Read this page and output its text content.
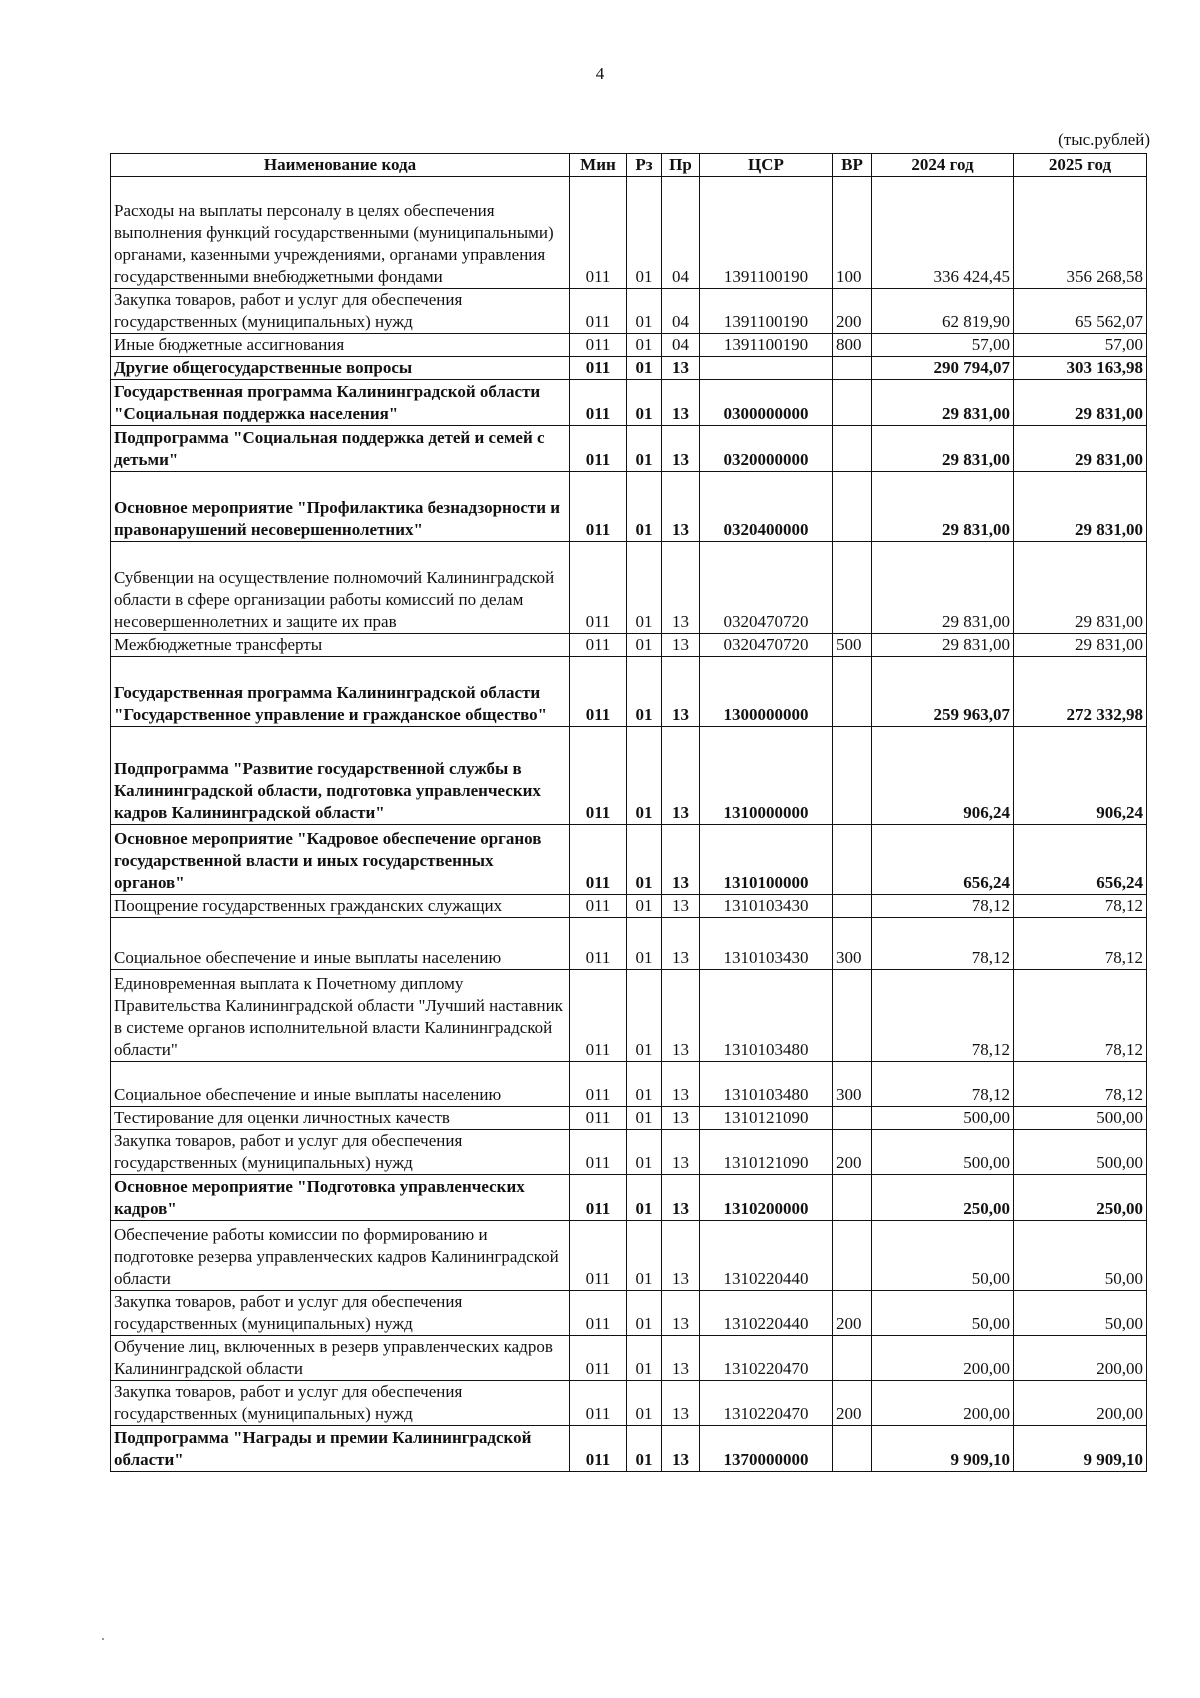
4
(тыс.рублей)
Наименование кода	Мин	Рз	Пр	ЦСР	ВР	2024 год	2025 год
Расходы на выплаты персоналу в целях обеспечения выполнения функций государственными (муниципальными) органами, казенными учреждениями, органами управления государственными внебюджетными фондами	011	01	04	1391100190	100	336 424,45	356 268,58
Закупка товаров, работ и услуг для обеспечения государственных (муниципальных) нужд	011	01	04	1391100190	200	62 819,90	65 562,07
Иные бюджетные ассигнования	011	01	04	1391100190	800	57,00	57,00
Другие общегосударственные вопросы	011	01	13			290 794,07	303 163,98
Государственная программа Калининградской области "Социальная поддержка населения"	011	01	13	0300000000		29 831,00	29 831,00
Подпрограмма "Социальная поддержка детей и семей с детьми"	011	01	13	0320000000		29 831,00	29 831,00
Основное мероприятие "Профилактика безнадзорности и правонарушений несовершеннолетних"	011	01	13	0320400000		29 831,00	29 831,00
Субвенции на осуществление полномочий Калининградской области в сфере организации работы комиссий по делам несовершеннолетних и защите их прав	011	01	13	0320470720		29 831,00	29 831,00
Межбюджетные трансферты	011	01	13	0320470720	500	29 831,00	29 831,00
Государственная программа Калининградской области "Государственное управление и гражданское общество"	011	01	13	1300000000		259 963,07	272 332,98
Подпрограмма "Развитие государственной службы в Калининградской области, подготовка управленческих кадров Калининградской области"	011	01	13	1310000000		906,24	906,24
Основное мероприятие "Кадровое обеспечение органов государственной власти и иных государственных органов"	011	01	13	1310100000		656,24	656,24
Поощрение государственных гражданских служащих	011	01	13	1310103430		78,12	78,12
Социальное обеспечение и иные выплаты населению	011	01	13	1310103430	300	78,12	78,12
Единовременная выплата к Почетному диплому Правительства Калининградской области "Лучший наставник в системе органов исполнительной власти Калининградской области"	011	01	13	1310103480		78,12	78,12
Социальное обеспечение и иные выплаты населению	011	01	13	1310103480	300	78,12	78,12
Тестирование для оценки личностных качеств	011	01	13	1310121090		500,00	500,00
Закупка товаров, работ и услуг для обеспечения государственных (муниципальных) нужд	011	01	13	1310121090	200	500,00	500,00
Основное мероприятие "Подготовка управленческих кадров"	011	01	13	1310200000		250,00	250,00
Обеспечение работы комиссии по формированию и подготовке резерва управленческих кадров Калининградской области	011	01	13	1310220440		50,00	50,00
Закупка товаров, работ и услуг для обеспечения государственных (муниципальных) нужд	011	01	13	1310220440	200	50,00	50,00
Обучение лиц, включенных в резерв управленческих кадров Калининградской области	011	01	13	1310220470		200,00	200,00
Закупка товаров, работ и услуг для обеспечения государственных (муниципальных) нужд	011	01	13	1310220470	200	200,00	200,00
Подпрограмма "Награды и премии Калининградской области"	011	01	13	1370000000		9 909,10	9 909,10
